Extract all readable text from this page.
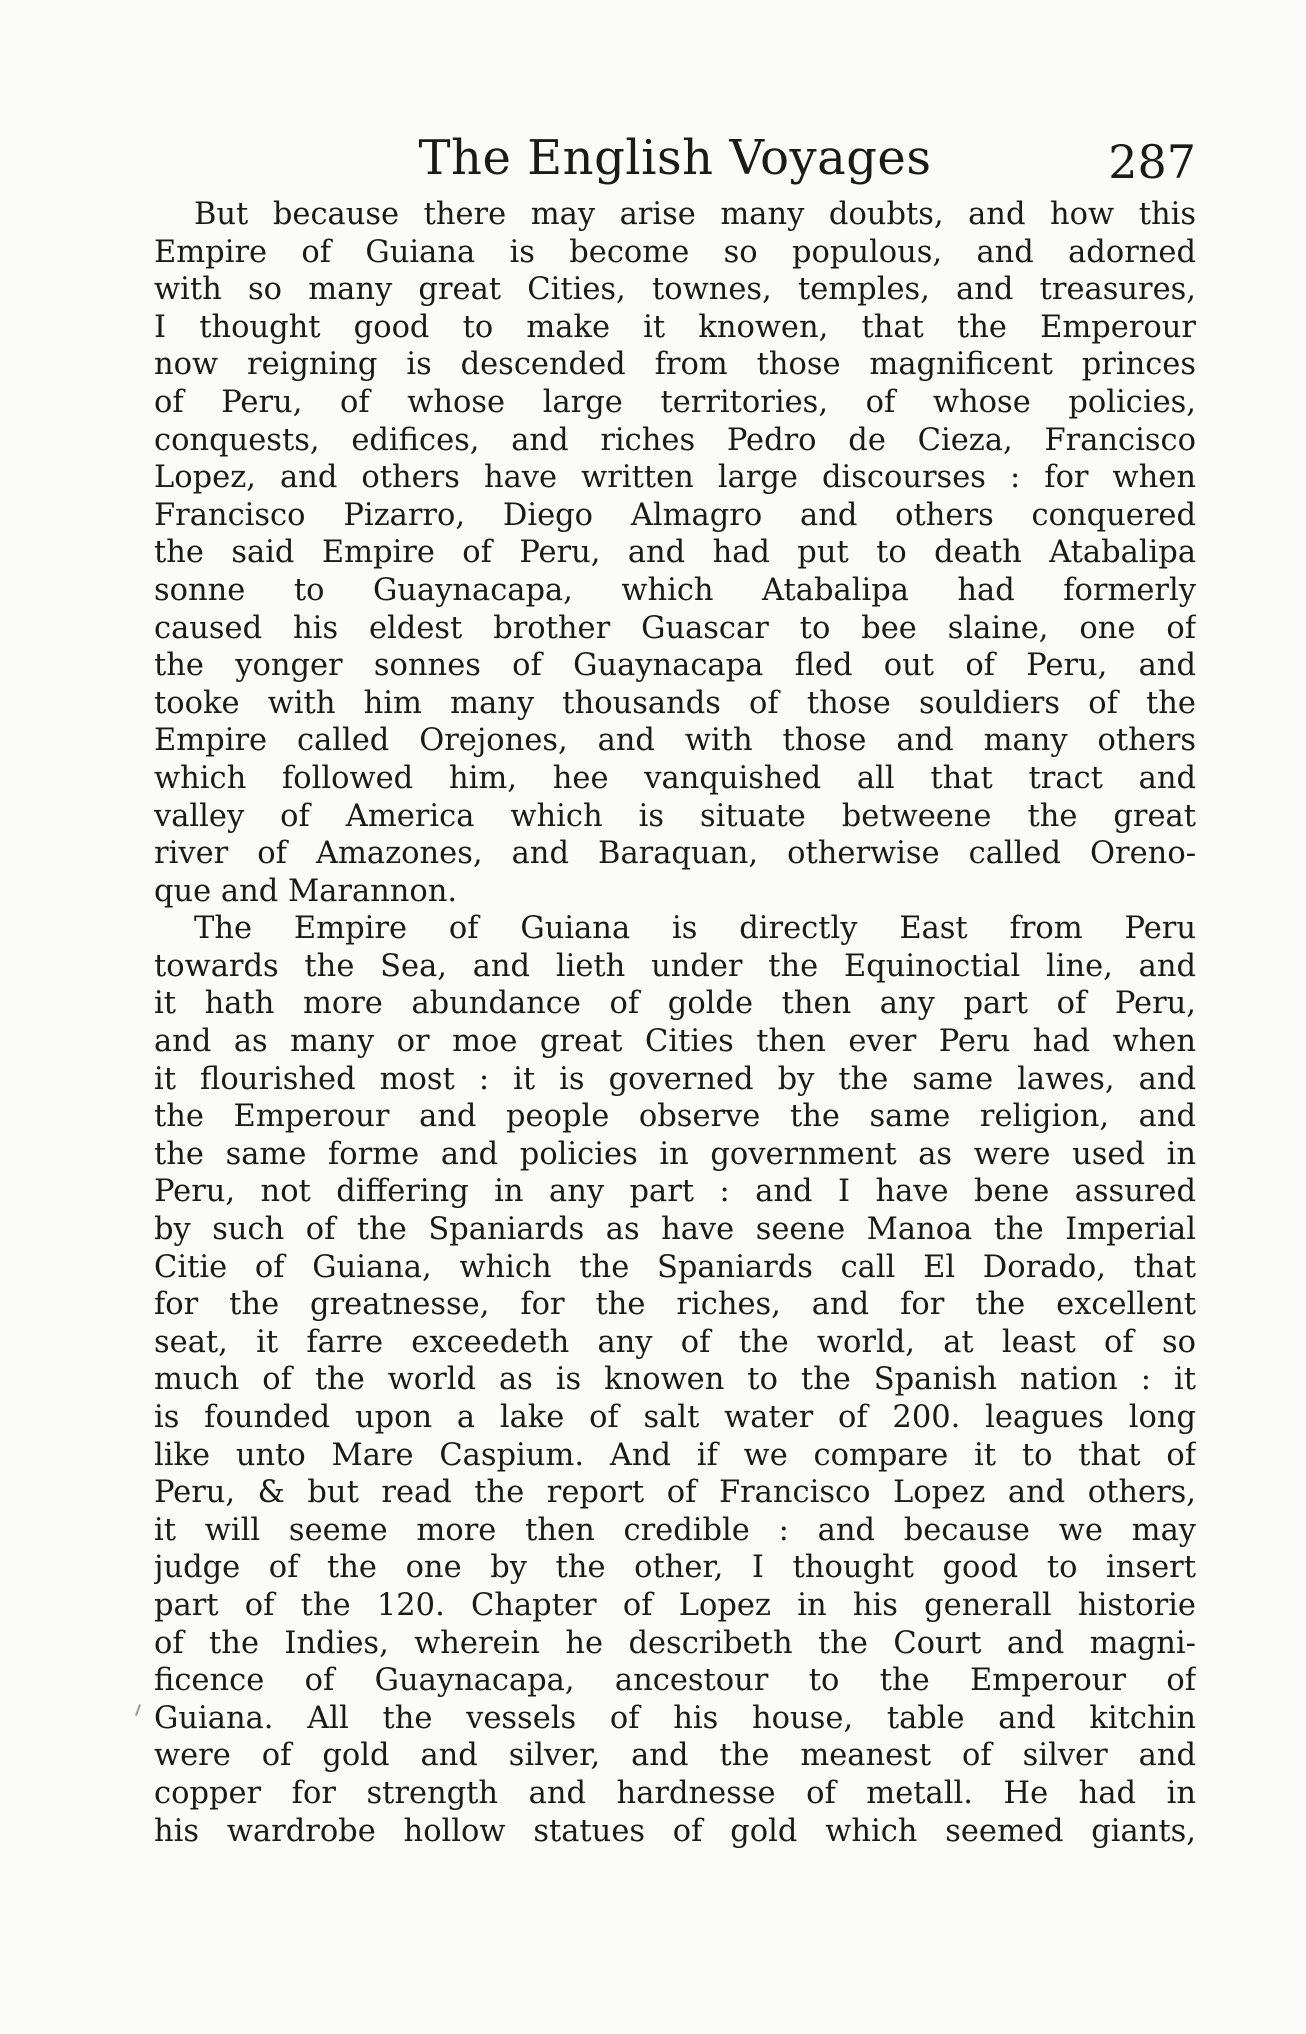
The English Voyages	287
But because there may arise many doubts, and how this
Empire of Guiana is become so populous, and adorned
with so many great Cities, townes, temples, and treasures,
I thought good to make it knowen, that the Emperour
now reigning is descended from those magnificent princes
of Peru, of whose large territories, of whose policies,
conquests, edifices, and riches Pedro de Cieza, Francisco
Lopez, and others have written large discourses : for when
Francisco Pizarro, Diego Almagro and others conquered
the said Empire of Peru, and had put to death Atabalipa
sonne to Guaynacapa, which Atabalipa had formerly
caused his eldest brother Guascar to bee slaine, one of
the yonger sonnes of Guaynacapa fled out of Peru, and
tooke with him many thousands of those souldiers of the
Empire called Orejones, and with those and many others
which followed him, hee vanquished all that tract and
valley of America which is situate betweene the great
river of Amazones, and Baraquan, otherwise called Oreno-
que and Marannon.
The Empire of Guiana is directly East from Peru
towards the Sea, and lieth under the Equinoctial line, and
it hath more abundance of golde then any part of Peru,
and as many or moe great Cities then ever Peru had when
it flourished most : it is governed by the same lawes, and
the Emperour and people observe the same religion, and
the same forme and policies in government as were used in
Peru, not differing in any part : and I have bene assured
by such of the Spaniards as have seene Manoa the Imperial
Citie of Guiana, which the Spaniards call El Dorado, that
for the greatnesse, for the riches, and for the excellent
seat, it farre exceedeth any of the world, at least of so
much of the world as is knowen to the Spanish nation : it
is founded upon a lake of salt water of 200. leagues long
like unto Mare Caspium. And if we compare it to that of
Peru, & but read the report of Francisco Lopez and others,
it will seeme more then credible : and because we may
judge of the one by the other, I thought good to insert
part of the 120. Chapter of Lopez in his generall historie
of the Indies, wherein he describeth the Court and magni-
ficence of Guaynacapa, ancestour to the Emperour of
Guiana. All the vessels of his house, table and kitchin
were of gold and silver, and the meanest of silver and
copper for strength and hardnesse of metall. He had in
his wardrobe hollow statues of gold which seemed giants,
